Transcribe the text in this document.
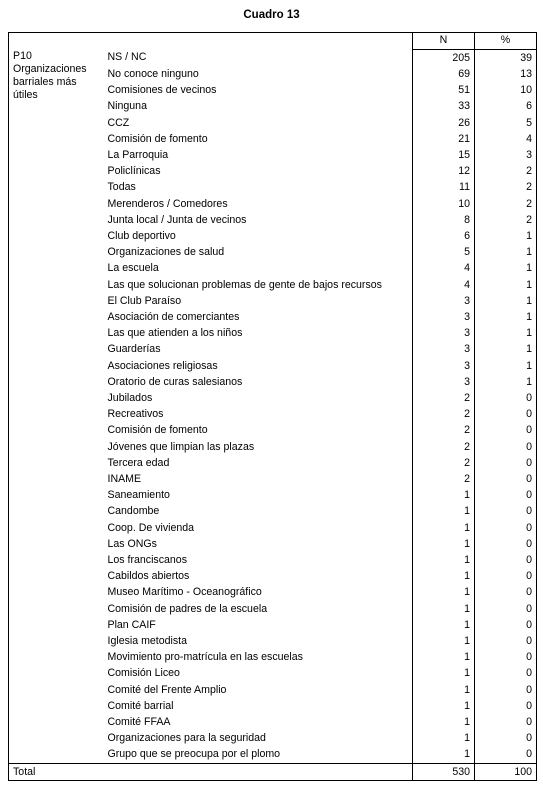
Cuadro 13
		N	%

P10
Organizaciones barriales más útiles	NS / NC	205	39
	No conoce ninguno	69	13
	Comisiones de vecinos	51	10
	Ninguna	33	6
	CCZ	26	5
	Comisión de fomento	21	4
	La Parroquia	15	3
	Policlínicas	12	2
	Todas	11	2
	Merenderos / Comedores	10	2
	Junta local / Junta de vecinos	8	2
	Club deportivo	6	1
	Organizaciones de salud	5	1
	La escuela	4	1
	Las que solucionan problemas de gente de bajos recursos	4	1
	El Club Paraíso	3	1
	Asociación de comerciantes	3	1
	Las que atienden a los niños	3	1
	Guarderías	3	1
	Asociaciones religiosas	3	1
	Oratorio de curas salesianos	3	1
	Jubilados	2	0
	Recreativos	2	0
	Comisión de fomento	2	0
	Jóvenes que limpian las plazas	2	0
	Tercera edad	2	0
	INAME	2	0
	Saneamiento	1	0
	Candombe	1	0
	Coop. De vivienda	1	0
	Las ONGs	1	0
	Los franciscanos	1	0
	Cabildos abiertos	1	0
	Museo Marítimo - Oceanográfico	1	0
	Comisión de padres de la escuela	1	0
	Plan CAIF	1	0
	Iglesia metodista	1	0
	Movimiento pro-matrícula en las escuelas	1	0
	Comisión Liceo	1	0
	Comité del Frente Amplio	1	0
	Comité barrial	1	0
	Comité FFAA	1	0
	Organizaciones para la seguridad	1	0
	Grupo que se preocupa por el plomo	1	0
Total		530	100
